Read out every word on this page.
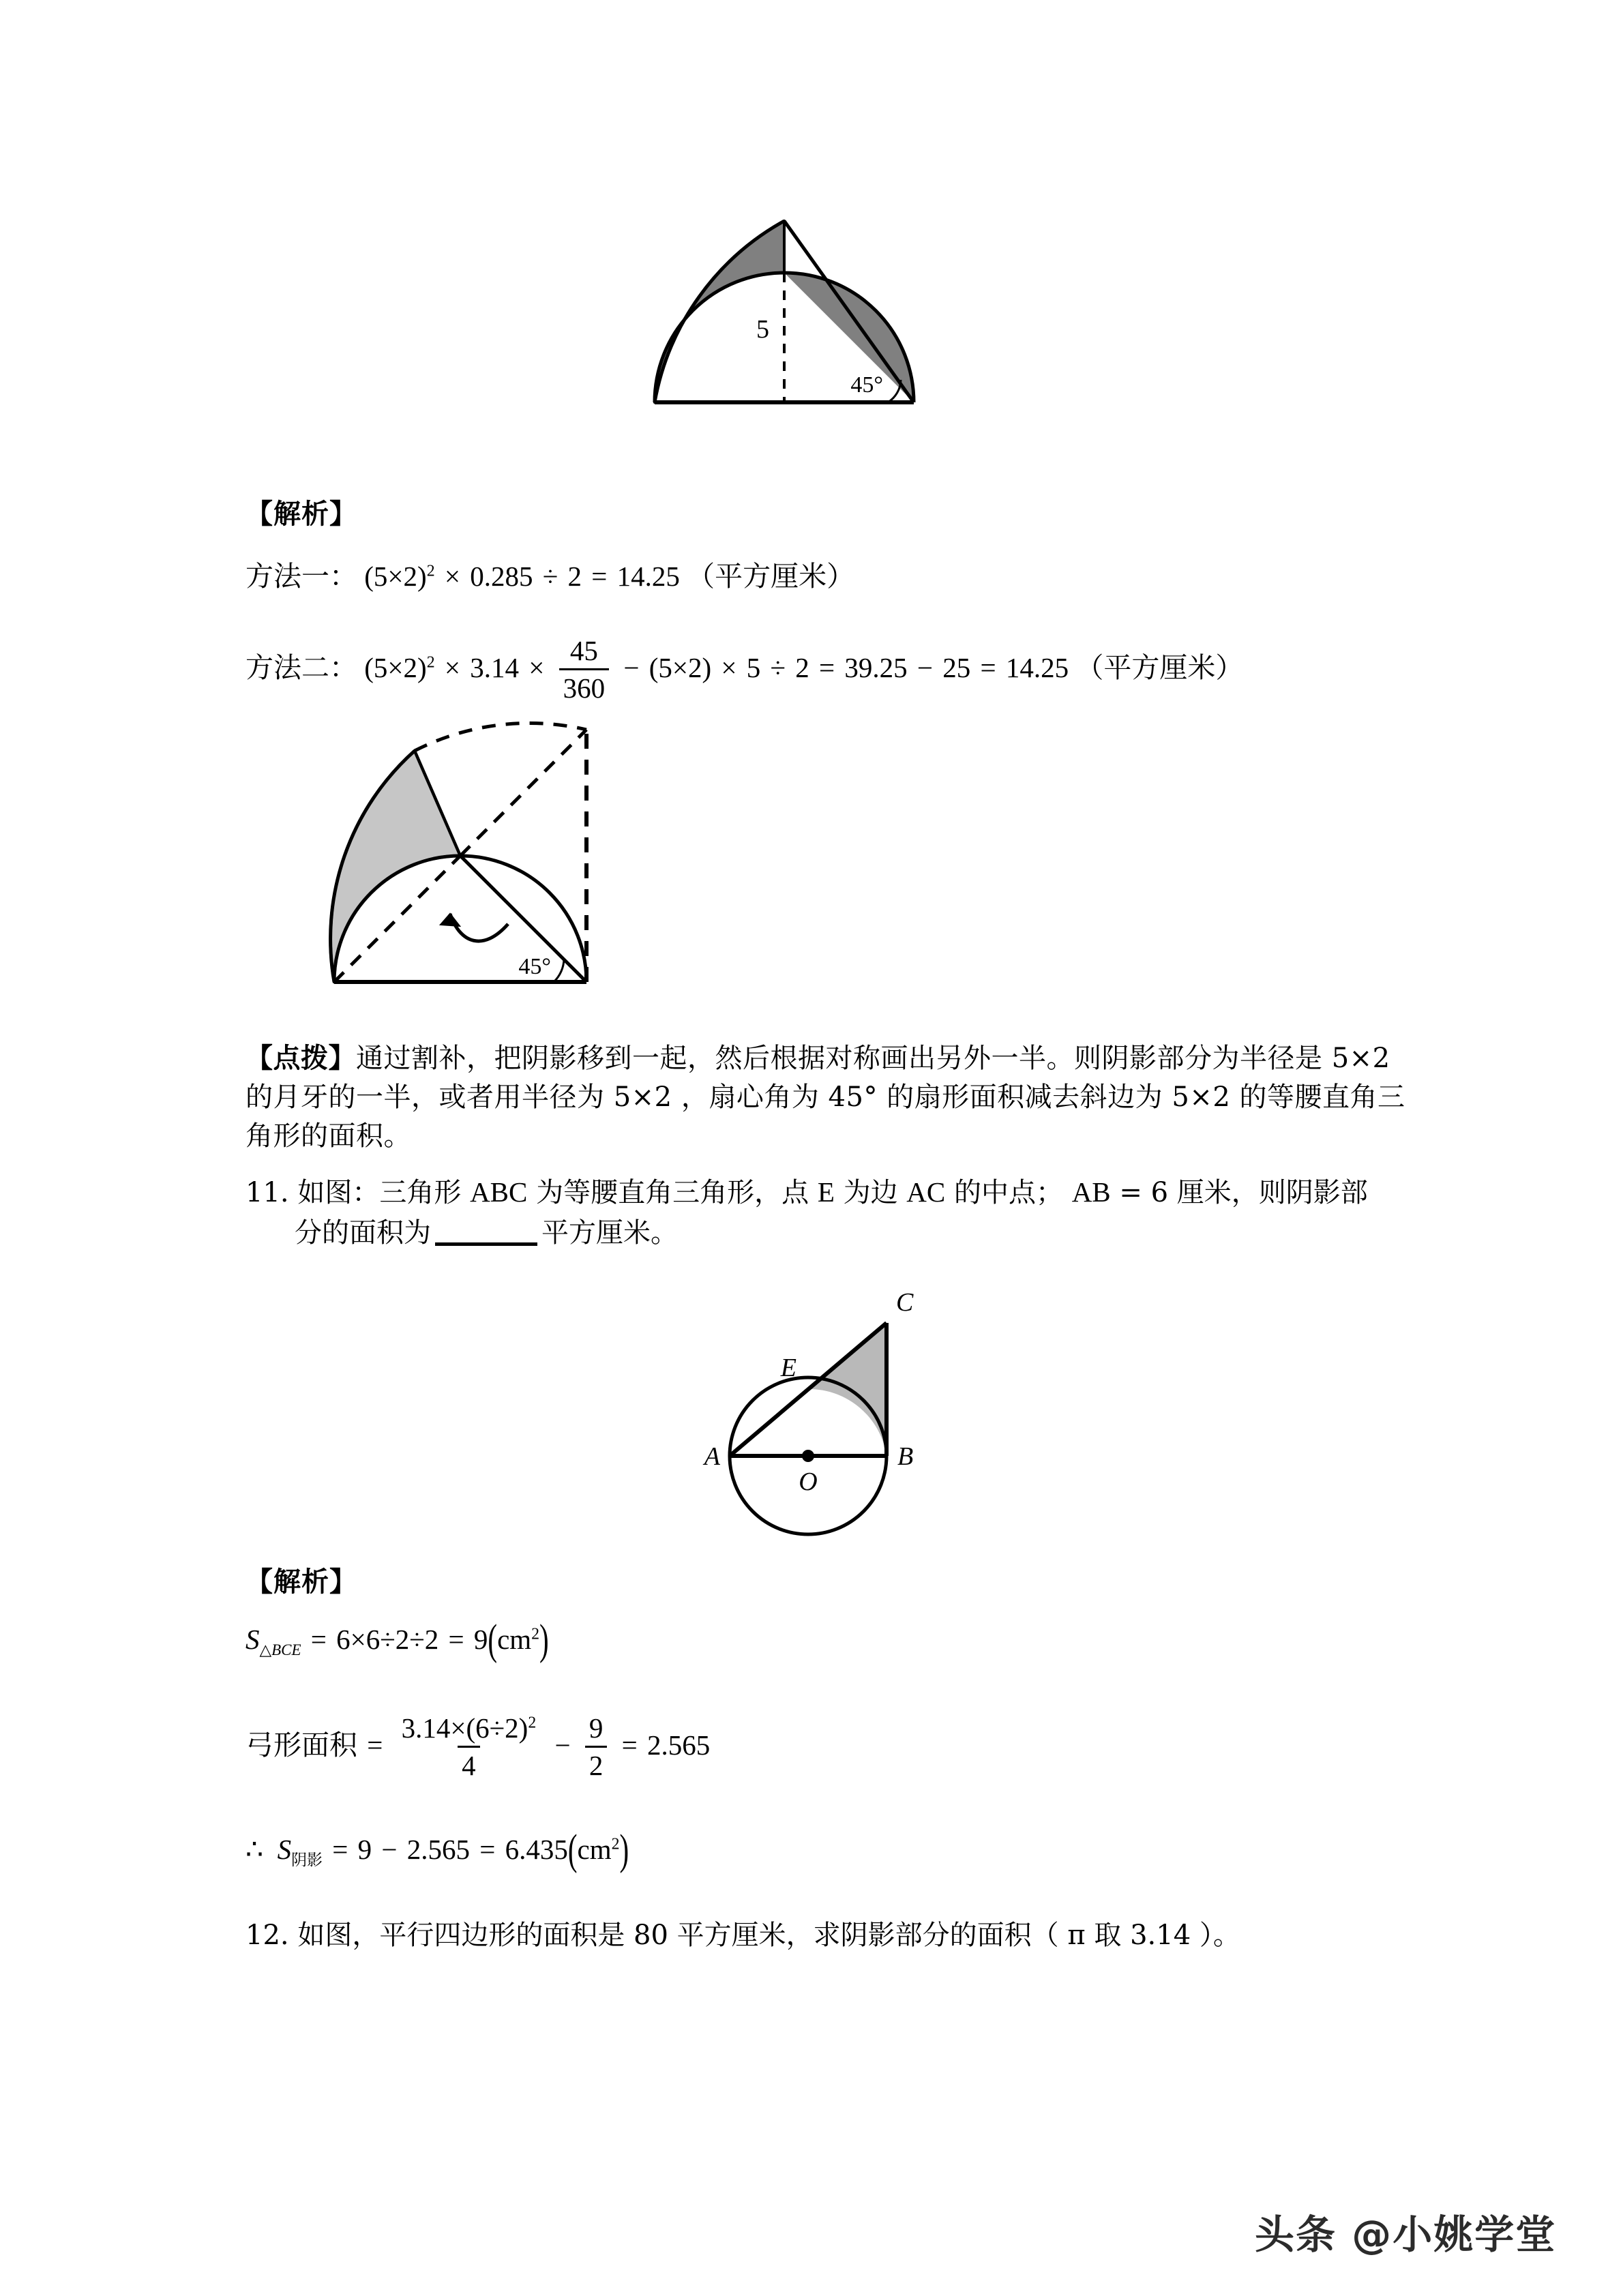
5
45°
【解析】
方法一： $(5\times 2)^2 \times 0.285 \div 2 = 14.25$ （平方厘米）
方法二： $(5\times 2)^2 \times 3.14 \times \frac{45}{360} - (5\times 2) \times 5 \div 2 = 39.25 - 25 = 14.25$ （平方厘米）
45°
【点拨】通过割补，把阴影移到一起，然后根据对称画出另外一半。则阴影部分为半径是 5×2
的月牙的一半，或者用半径为 5×2 ，扇心角为 45° 的扇形面积减去斜边为 5×2 的等腰直角三
角形的面积。
11. 如图：三角形 ABC 为等腰直角三角形，点 E 为边 AC 的中点； AB = 6 厘米，则阴影部
分的面积为	平方厘米。
A	B
C
E
O
【解析】
$S_{\triangle BCE} = 6\times 6\div 2\div 2 = 9(cm^2)$
弓形面积 = $\frac{3.14\times(6\div 2)^2}{4} - \frac{9}{2} = 2.565$
∴ $S_{阴影} = 9 - 2.565 = 6.435(cm^2)$
12. 如图，平行四边形的面积是 80 平方厘米，求阴影部分的面积（ π 取 3.14 ）。
头条 @小姚学堂
